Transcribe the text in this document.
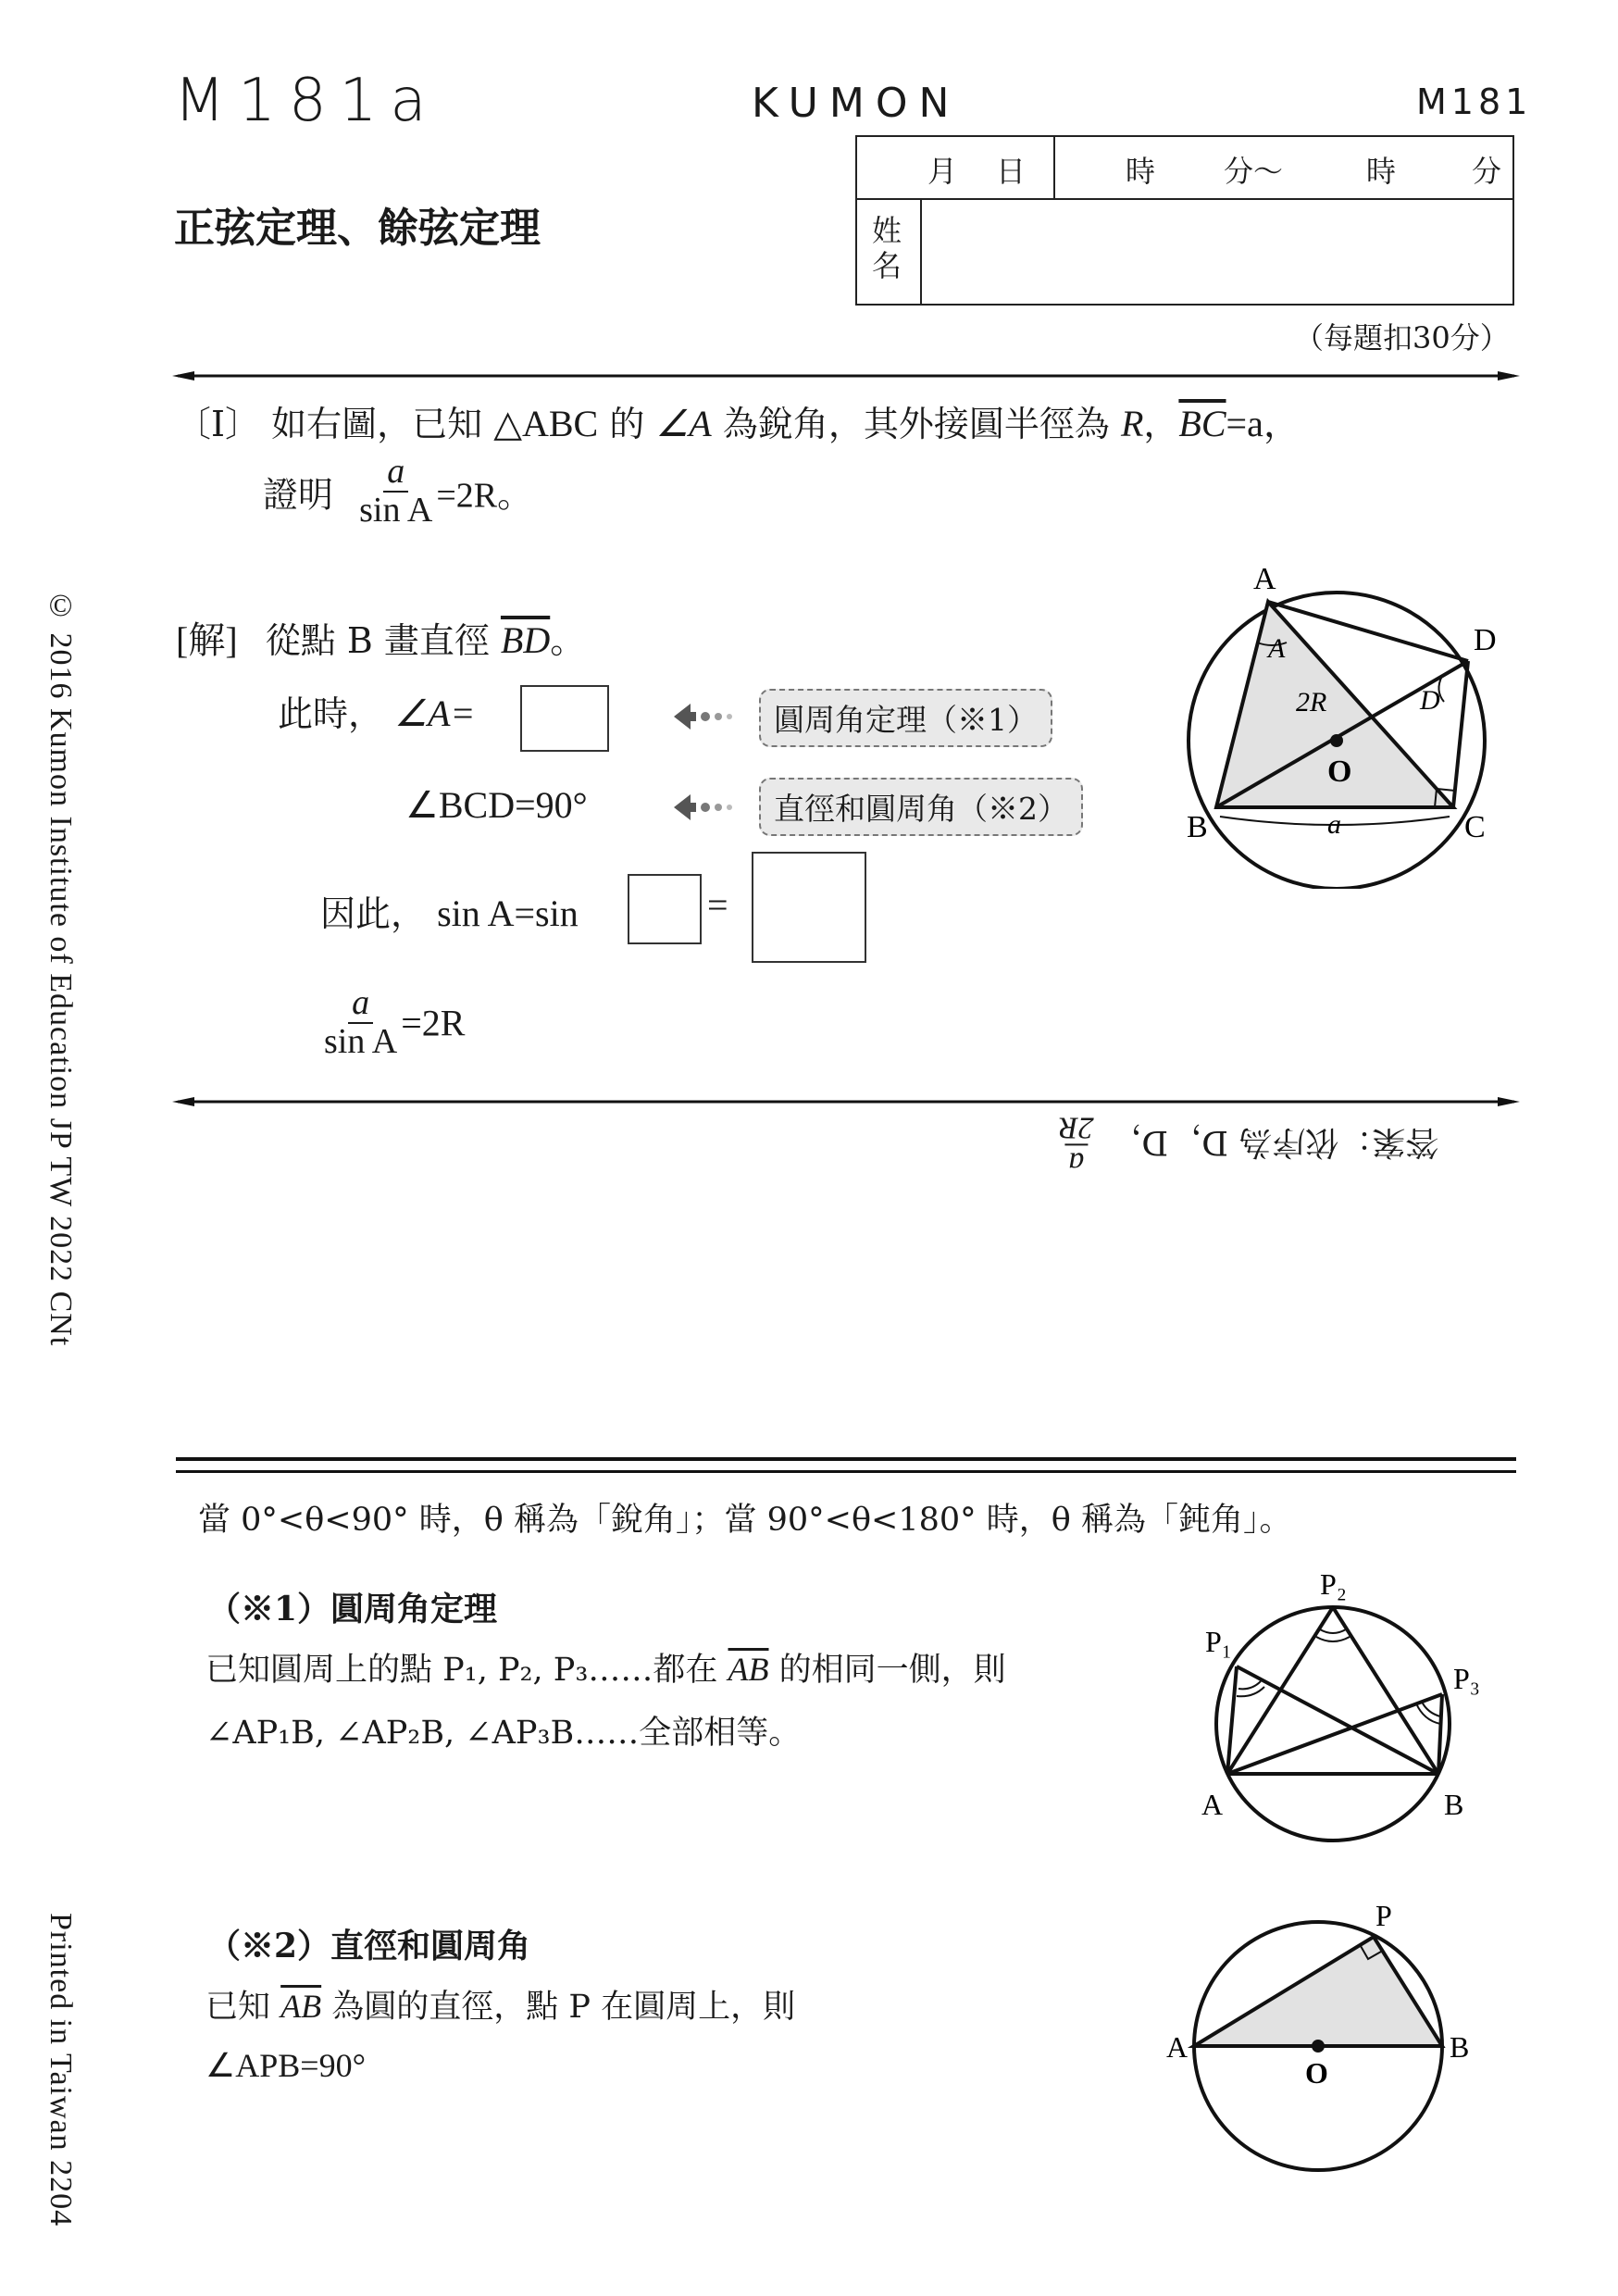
M181a	KUMON	M181
正弦定理、餘弦定理
月 日	時 分〜	時	分
姓名
（每題扣30分）
© 2016 Kumon Institute of Education JP TW 2022 CNt
Printed in Taiwan 2204
〔Ⅰ〕 如右圖，已知 △ABC 的 ∠A 為銳角，其外接圓半徑為 R，$\overline{BC}=a$，
證明 $\frac{a}{\text{sin A}} =2R$。
[解] 從點 B 畫直徑 $\overline{BD}$。
此時， ∠A=
∠BCD=90°
因此， sin A=sin	=
$\frac{a}{\text{sin A}} =2R$
圓周角定理（※1）
直徑和圓周角（※2）
A
D
B	C
O
A
D
2R
a
答案：依序為 D，D，
a
2R
當 0°<θ<90° 時，θ 稱為「銳角」；當 90°<θ<180° 時，θ 稱為「鈍角」。
（※1）圓周角定理
已知圓周上的點 P₁, P₂, P₃……都在 $\overline{AB}$ 的相同一側，則
∠AP₁B, ∠AP₂B, ∠AP₃B……全部相等。
P₁
P₂
P₃
A	B
（※2）直徑和圓周角
已知 $\overline{AB}$ 為圓的直徑，點 P 在圓周上，則
∠APB=90°
P
A	B
O
